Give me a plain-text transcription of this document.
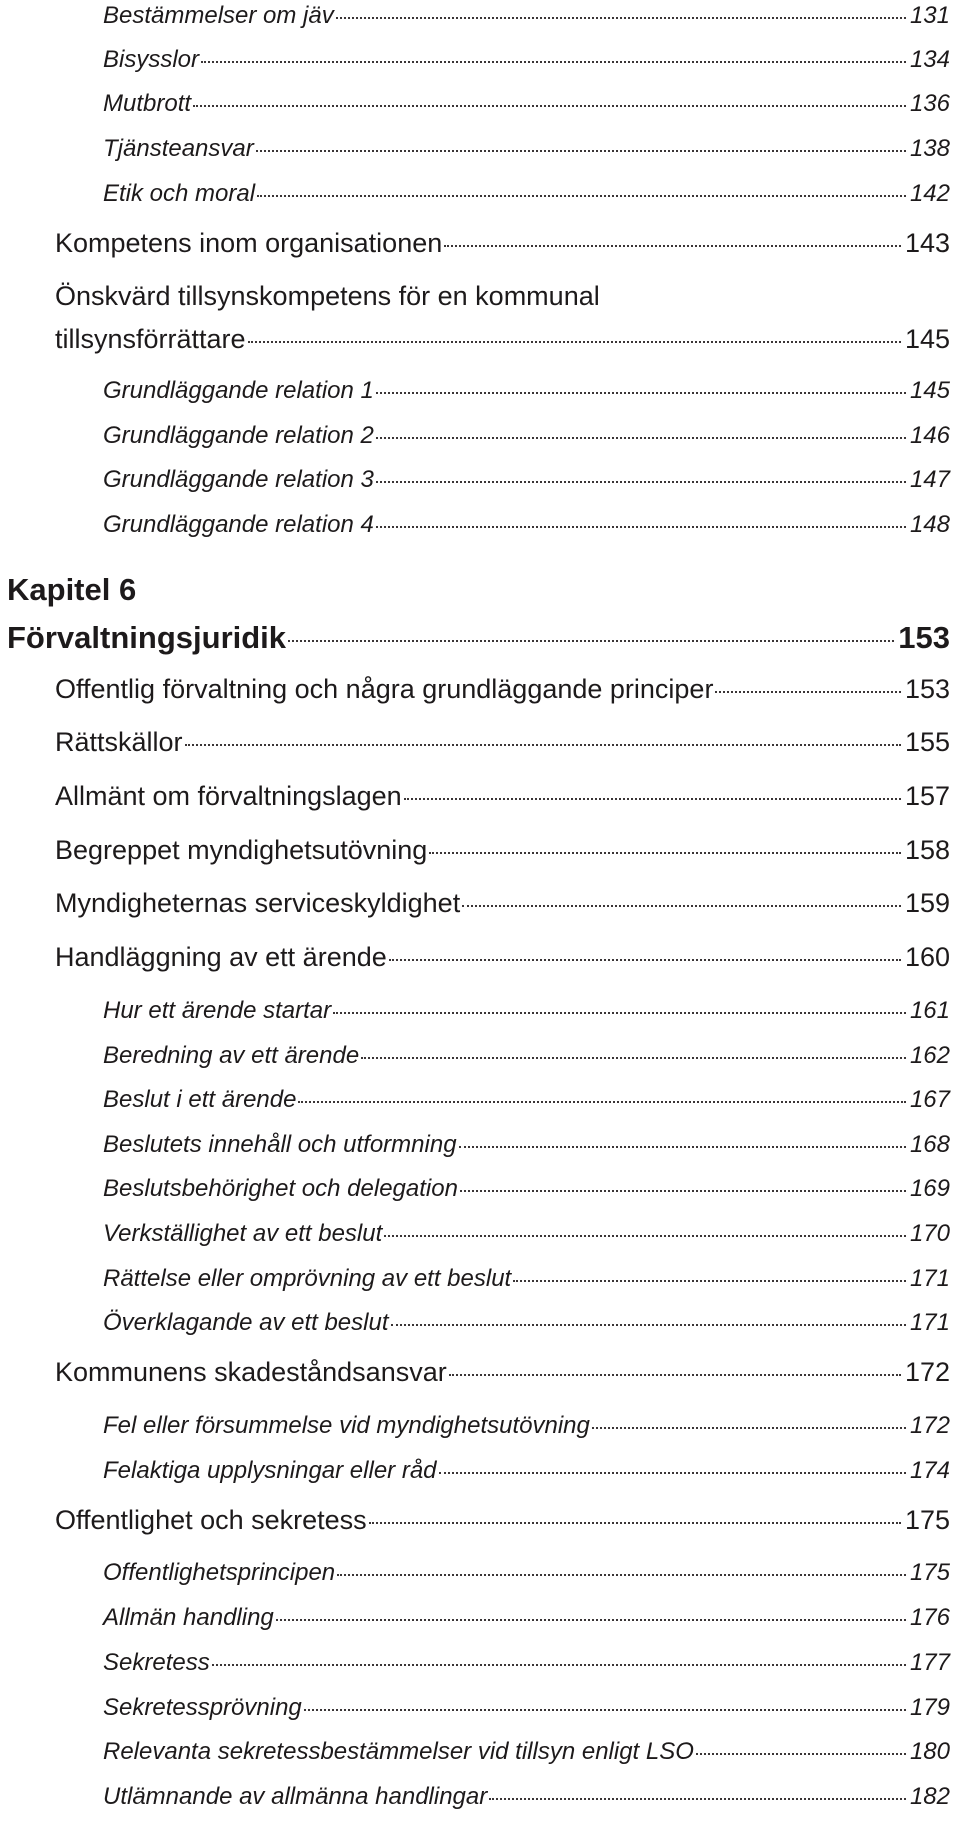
Bestämmelser om jäv	131
Bisysslor	134
Mutbrott	136
Tjänsteansvar	138
Etik och moral	142
Kompetens inom organisationen	143
Önskvärd tillsynskompetens för en kommunal
tillsynsförrättare	145
Grundläggande relation 1	145
Grundläggande relation 2	146
Grundläggande relation 3	147
Grundläggande relation 4	148
Kapitel 6
Förvaltningsjuridik	153
Offentlig förvaltning och några grundläggande principer	153
Rättskällor	155
Allmänt om förvaltningslagen	157
Begreppet myndighetsutövning	158
Myndigheternas serviceskyldighet	159
Handläggning av ett ärende	160
Hur ett ärende startar	161
Beredning av ett ärende	162
Beslut i ett ärende	167
Beslutets innehåll och utformning	168
Beslutsbehörighet och delegation	169
Verkställighet av ett beslut	170
Rättelse eller omprövning av ett beslut	171
Överklagande av ett beslut	171
Kommunens skadeståndsansvar	172
Fel eller försummelse vid myndighetsutövning	172
Felaktiga upplysningar eller råd	174
Offentlighet och sekretess	175
Offentlighetsprincipen	175
Allmän handling	176
Sekretess	177
Sekretessprövning	179
Relevanta sekretessbestämmelser vid tillsyn enligt LSO	180
Utlämnande av allmänna handlingar	182
